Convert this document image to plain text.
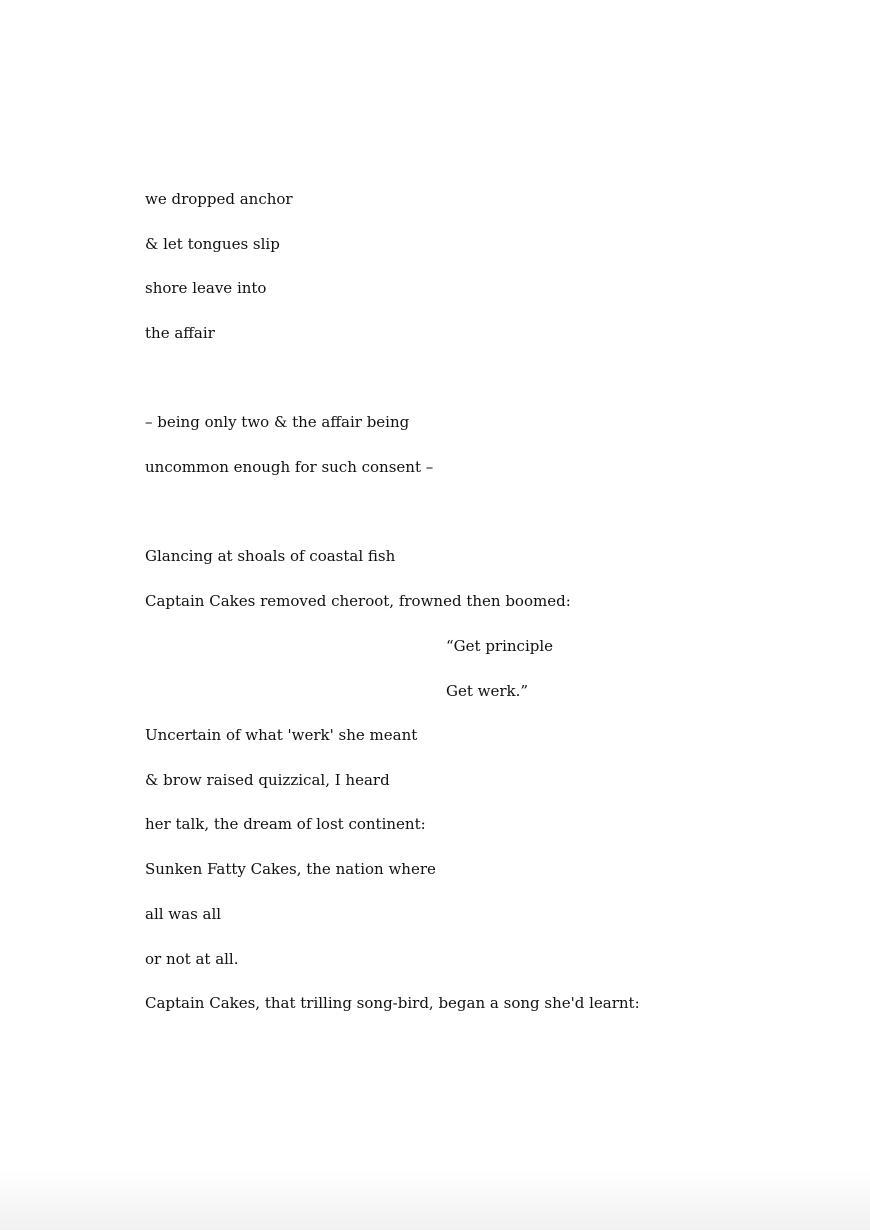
we dropped anchor
& let tongues slip
shore leave into
the affair
– being only two & the affair being
uncommon enough for such consent –
Glancing at shoals of coastal fish
Captain Cakes removed cheroot, frowned then boomed:
“Get principle
Get werk.”
Uncertain of what 'werk' she meant
& brow raised quizzical, I heard
her talk, the dream of lost continent:
Sunken Fatty Cakes, the nation where
all was all
or not at all.
Captain Cakes, that trilling song-bird, began a song she'd learnt:
